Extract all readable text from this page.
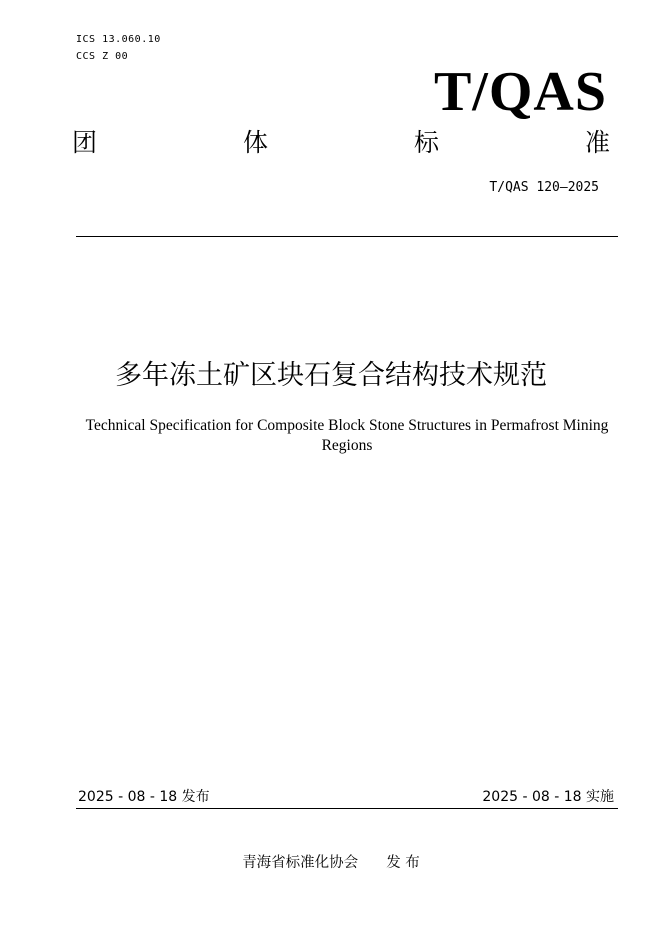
ICS 13.060.10
CCS Z 00
T/QAS
团	体	标	准
T/QAS 120—2025
多年冻土矿区块石复合结构技术规范
Technical Specification for Composite Block Stone Structures in Permafrost Mining Regions
2025 - 08 - 18 发布	2025 - 08 - 18 实施
青海省标准化协会 发 布
